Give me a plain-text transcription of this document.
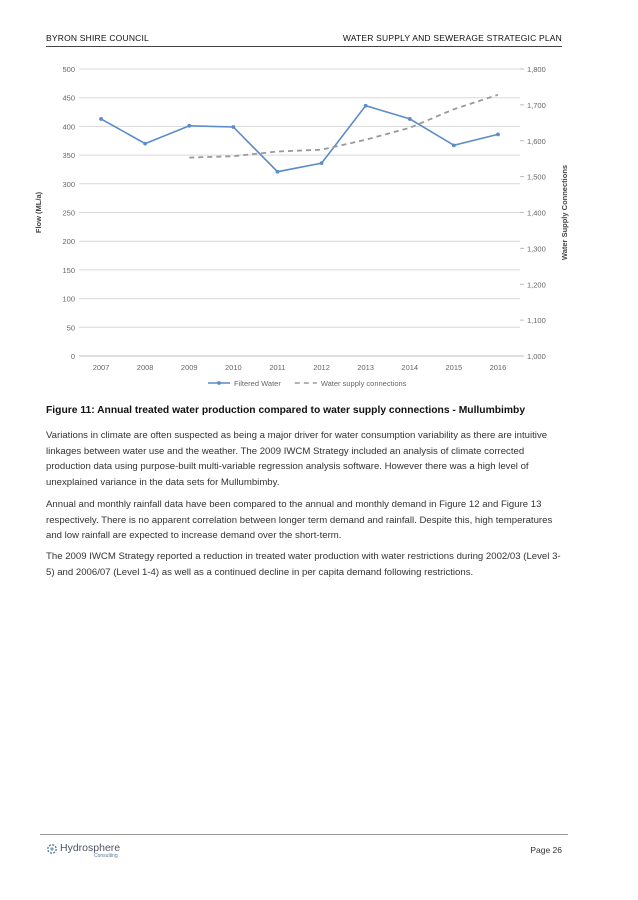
BYRON SHIRE COUNCIL	WATER SUPPLY AND SEWERAGE STRATEGIC PLAN
0
50
100
150
200
250
300
350
400
450
500
1,000
1,100
1,200
1,300
1,400
1,500
1,600
1,700
1,800
2007	2008	2009	2010	2011	2012	2013	2014	2015	2016
Flow (ML/a)	Water Supply Connections
Filtered Water	Water supply connections
Figure 11: Annual treated water production compared to water supply connections - Mullumbimby

Variations in climate are often suspected as being a major driver for water consumption variability as there are intuitive linkages between water use and the weather. The 2009 IWCM Strategy included an analysis of climate corrected production data using purpose-built multi-variable regression analysis software. However there was a high level of unexplained variance in the data sets for Mullumbimby.

Annual and monthly rainfall data have been compared to the annual and monthly demand in Figure 12 and Figure 13 respectively. There is no apparent correlation between longer term demand and rainfall. Despite this, high temperatures and low rainfall are expected to increase demand over the short-term.

The 2009 IWCM Strategy reported a reduction in treated water production with water restrictions during 2002/03 (Level 3-5) and 2006/07 (Level 1-4) as well as a continued decline in per capita demand following restrictions.

Hydrosphere
Consulting
Page 26
